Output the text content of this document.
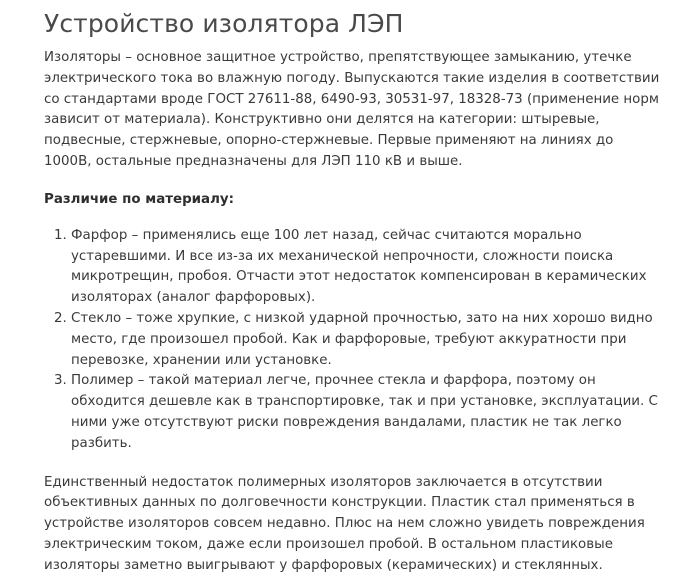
Устройство изолятора ЛЭП

Изоляторы – основное защитное устройство, препятствующее замыканию, утечке электрического тока во влажную погоду. Выпускаются такие изделия в соответствии со стандартами вроде ГОСТ 27611-88, 6490-93, 30531-97, 18328-73 (применение норм зависит от материала). Конструктивно они делятся на категории: штыревые, подвесные, стержневые, опорно-стержневые. Первые применяют на линиях до 1000В, остальные предназначены для ЛЭП 110 кВ и выше.

Различие по материалу:

1. Фарфор – применялись еще 100 лет назад, сейчас считаются морально устаревшими. И все из-за их механической непрочности, сложности поиска микротрещин, пробоя. Отчасти этот недостаток компенсирован в керамических изоляторах (аналог фарфоровых).
2. Стекло – тоже хрупкие, с низкой ударной прочностью, зато на них хорошо видно место, где произошел пробой. Как и фарфоровые, требуют аккуратности при перевозке, хранении или установке.
3. Полимер – такой материал легче, прочнее стекла и фарфора, поэтому он обходится дешевле как в транспортировке, так и при установке, эксплуатации. С ними уже отсутствуют риски повреждения вандалами, пластик не так легко разбить.

Единственный недостаток полимерных изоляторов заключается в отсутствии объективных данных по долговечности конструкции. Пластик стал применяться в устройстве изоляторов совсем недавно. Плюс на нем сложно увидеть повреждения электрическим током, даже если произошел пробой. В остальном пластиковые изоляторы заметно выигрывают у фарфоровых (керамических) и стеклянных.
